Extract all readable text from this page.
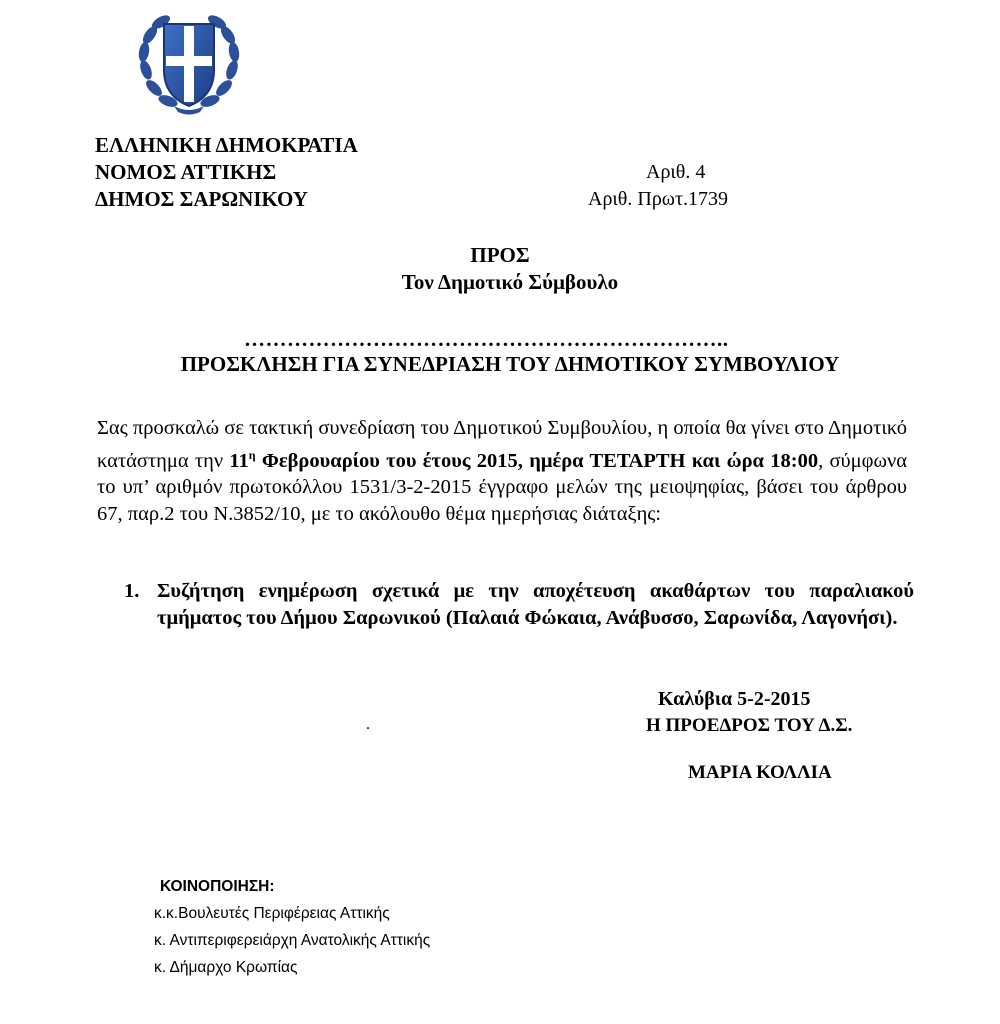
ΕΛΛΗΝΙΚΗ ΔΗΜΟΚΡΑΤΙΑ
ΝΟΜΟΣ ΑΤΤΙΚΗΣ
ΔΗΜΟΣ ΣΑΡΩΝΙΚΟΥ
Αριθ. 4
Αριθ. Πρωτ.1739
ΠΡΟΣ
Τον Δημοτικό Σύμβουλο
…………………………………………………………..
ΠΡΟΣΚΛΗΣΗ ΓΙΑ ΣΥΝΕΔΡΙΑΣΗ ΤΟΥ ΔΗΜΟΤΙΚΟΥ ΣΥΜΒΟΥΛΙΟΥ
Σας προσκαλώ σε τακτική συνεδρίαση του Δημοτικού Συμβουλίου, η οποία θα γίνει στο Δημοτικό κατάστημα την $11^\eta$ Φεβρουαρίου του έτους 2015, ημέρα ΤΕΤΑΡΤΗ και ώρα 18:00, σύμφωνα το υπ’ αριθμόν πρωτοκόλλου 1531/3-2-2015 έγγραφο μελών της μειοψηφίας, βάσει του άρθρου 67, παρ.2 του Ν.3852/10, με το ακόλουθο θέμα ημερήσιας διάταξης:
1. Συζήτηση ενημέρωση σχετικά με την αποχέτευση ακαθάρτων του παραλιακού τμήματος του Δήμου Σαρωνικού (Παλαιά Φώκαια, Ανάβυσσο, Σαρωνίδα, Λαγονήσι).
Καλύβια 5-2-2015
.	Η ΠΡΟΕΔΡΟΣ ΤΟΥ Δ.Σ.
ΜΑΡΙΑ ΚΟΛΛΙΑ
ΚΟΙΝΟΠΟΙΗΣΗ:
κ.κ.Βουλευτές Περιφέρειας Αττικής
κ. Αντιπεριφερειάρχη Ανατολικής Αττικής
κ. Δήμαρχο Κρωπίας
